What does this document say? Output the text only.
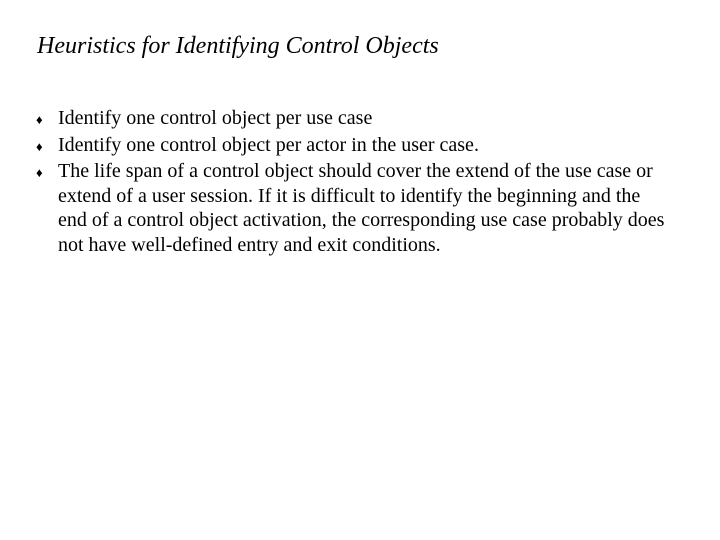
Heuristics for Identifying Control Objects
♦ Identify one control object per use case
♦ Identify one control object per actor in the user case.
♦ The life span of a control object should cover the extend of the use case or extend of a user session. If it is difficult to identify the beginning and the end of a control object activation, the corresponding use case probably does not have well-defined entry and exit conditions.
